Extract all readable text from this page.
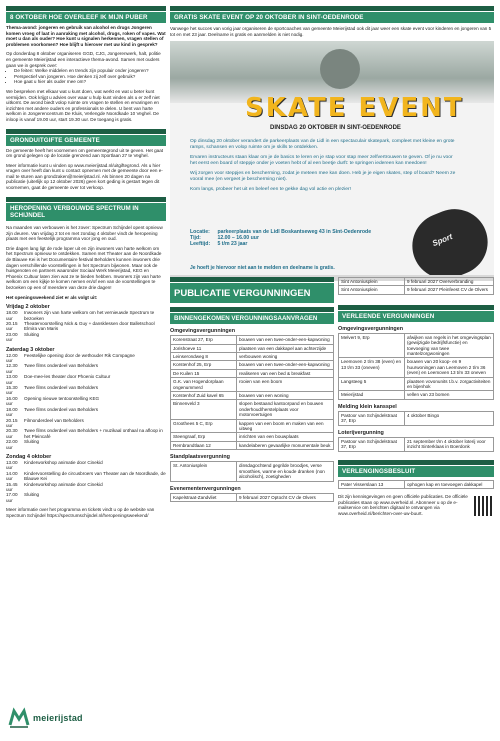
8 OKTOBER HOE OVERLEEF IK MIJN PUBER

Thema-avond: jongeren en gebruik van alcohol en drugs Jongeren komen vroeg of laat in aanraking met alcohol, drugs, roken of vapes. Wat moet u dan als ouder? Hoe kunt u signalen herkennen, vragen stellen of problemen voorkomen? Hoe blijft u hierover met uw kind in gesprek?

Op donderdag 8 oktober organiseren GGD, CJG, Jongerenwerk, halt, politie en gemeente Meierijstad een interactieve thema-avond. Samen met ouders gaan we in gesprek over:

• De feiten: Welke middelen en trends zijn populair onder jongeren?
• Perspectief van jongeren. Hoe denken zij zelf over gebruik?
• Hoe gaat u hier als ouder mee om?

We bespreken met elkaar wat u kunt doen, wat werkt en wat u beter kunt vermijden. Ook krijgt u advies over waar u hulp kunt vinden als u er zelf niet uitkomt. De avond biedt volop ruimte om vragen te stellen en ervaringen en inzichten met andere ouders en professionals te delen. U bent van harte welkom in Jongerencentrum De Kluis, Verlengde Noordkade 10 Veghel. De inloop is vanaf 19.00 uur, start 19.30 uur. De toegang is gratis.

GRONDUITGIFTE GEMEENTE

De gemeente heeft het voornemen om gemeentegrond uit te geven. Het gaat om grond gelegen op de locatie grenzend aan Sportlaan 27 te Veghel.

Meer informatie kunt u vinden op www.meierijstad.nl/uitgiftegrond. Als u hier vragen over heeft dan kunt u contact opnemen met de gemeente door een e-mail te sturen aan grondzaken@meierijstad.nl. Als binnen 20 dagen na publicatie (uiterlijk op 12 oktober 2026) geen kort geding is gestart tegen dit voornemen, gaat de gemeente over tot verkoop.

HEROPENING VERBOUWDE SPECTRUM IN SCHIJNDEL

Na maanden van verbouwen is het zover: Spectrum Schijndel opent opnieuw zijn deuren. Van vrijdag 2 tot en met zondag 4 oktober vindt de heropening plaats met een feestelijk programma voor jong en oud.

Drie dagen lang ligt de rode loper uit en zijn inwoners van harte welkom om het Spectrum opnieuw te ontdekken. Samen met Theater aan de Noordkade de Blauwe Kei is het Documentaire festival Beholders kunnen inwoners drie dagen verschillende voorstellingen in het Spectrum bijwonen. Maar ook de huisgenoten en partners waaronder Sociaal Werk Meierijstad, KEG en Phoenix Cultuur laten zien wat ze te bieden hebben. Inwoners zijn van harte welkom om een kijkje te komen nemen en/of een van de voorstellingen te bezoeken op een of meerdere van deze drie dagen!

Het openingsweekend ziet er als volgt uit:

Vrijdag 2 oktober
18.00 uur
Inwoners zijn van harte welkom om het vernieuwde Spectrum te bezoeken
20.15 uur
Theatervoorstelling Nick & Guy + dansklessen door Balletschool Elmira van Maris
23.00 uur
Sluiting
Zaterdag 3 oktober
12.00 uur
Feestelijke opening door de wethouder Rik Compagne
12.30 uur
Twee films onderdeel van Beholders
13.00 uur
Doe-mee-les theater door Phoenix Cultuur
15.30 uur
Twee films onderdeel van Beholders
16.00 uur
Opening nieuwe tentoonstelling KEG
18.00 uur
Twee films onderdeel van Beholders
20.15 uur
Filmonderdeel van Beholders
20.30 uur
Twee films onderdeel van Beholders + muzikaal onthaal na afloop in het Pleincafé
22.00 uur
Sluiting
Zondag 4 oktober
13.00 uur
Kinderworkshop animatie door Cinekid
14.00 uur
Kindervoorstelling de circusbroers van Theater aan de Noordkade, de Blauwe Kei
15.45 uur
Kinderworkshop animatie door Cinekid
17.00 uur
Sluiting

Meer informatie over het programma en tickets vindt u op de website van Spectrum Schijndel https://spectrumschijndel.nl/heropeningsweekend/

meierijstad
GRATIS SKATE EVENT OP 20 OKTOBER IN SINT-OEDENRODE

Vanwege het succes van vorig jaar organiseren de sportcoaches van gemeente Meierijstad ook dit jaar weer een skate event voor kinderen en jongeren van 5 tot en met 23 jaar. Deelname is gratis en aanmelden is niet nodig.

SKATE EVENT
DINSDAG 20 OKTOBER IN SINT-OEDENRODE

Op dinsdag 20 oktober verandert de parkeerplaats van de Lidl in een spectaculair skatepark, compleet met kleine en grote ramps, schansen en volop ruimte om je skills te ontdekken.

Ervaren instructeurs staan klaar om je de basics te leren en je stap voor stap meer zelfvertrouwen te geven. Of je nu voor het eerst een board of steppje onder je voeten hebt of al een beetje durft: te springen iedereen kan meedoen!

Wij zorgen voor steppjes en bescherming, zodat je meteen mee kan doen. Heb je je eigen skates, step of board? Neem ze vooral mee (en vergeet je bescherming niet).

Kom langs, probeer het uit en beleef een te gekke dag vol actie en plezier!

Locatie: parkeerplaats van de Lidl Boskantseweg 43 in Sint-Oedenrode
Tijd:	12.00 – 16.00 uur
Leeftijd: 5 t/m 23 jaar
Je hoeft je hiervoor niet aan te melden en deelname is gratis.
Sport
PUBLICATIE VERGUNNINGEN
BINNENGEKOMEN VERGUNNINGSAANVRAGEN
Omgevingsvergunningen
Korenstraat 27, Erp	bouwen van een twee-onder-een-kapwoning
Jorishoeve 11	plaatsen van een dakkapel aan achterzijde
Leinserondweg 8	verbouwen woning
Korstenhof 25, Erp	bouwen van een twee-onder-een-kapwoning
De Kuilen 15	realiseren van een bed & breakfast
G.K. van Hogendorplaan ongenummerd	rooien van een boom
Korstenhof Zuid kavel 65	bouwen van een woning
Binnenveld 3	slopen bestaand kantoorpand en bouwen onderhoud/herstelplaats voor motorvoertuigen
Groothees 5 C, Erp	kappen van een boom en maken van een uitweg
Steengraaf, Erp	inrichten van een bouwplaats
Rembrandtlaan 12	kandelaberen gevaarlijke monumentale beuk
Standplaatsvergunning
St. Antoniusplein	dinsdagochtend gegrilde broodjes, verse smoothies, warme en koude dranken (non alcoholisch), zoetigheden
Evenementenvergunningen
Kapelstraat-Zandvliet	9 februari 2027 Optocht CV de Olvers
Sint Antoniusplein	9 februari 2027 Oververbranding
Sint Antoniusplein	9 februari 2027 Pleinfeest CV de Olvers
VERLEENDE VERGUNNINGEN
Omgevingsvergunningen
Melvert 9, Erp	afwijken van regels in het omgevingsplan (gewijzigde bedrijfsfunctie) en toevoeging van twee mantelzorgwoningen
Leemoven 2 t/m 38 (even) en 13 t/m 33 (oneven)	bouwen van 20 koop- en 9 huurwoningen aan Leemoven 2 t/m 36 (even) en Leemoven 13 t/m 33 oneven
Langsteeg 5	plaatsen vovonunits t.b.v. zorgactiviteiten en bijenhok
Meierijstad	vellen van 23 bomen
Melding klein kansspel
Pastoor van Schijndelstraat 37, Erp	4 oktober Bingo
Loterijvergunning
Pastoor van Schijndelstraat 37, Erp	21 september t/m 4 oktober loterij voor inzicht Sinterklaas in Boerdonk
VERLENGINGSBESLUIT
Pater Visserslaan 13	ophogen kap en toevoegen dakkapel
Dit zijn kennisgevingen en geen officiële publicaties. De officiële publicaties staan op www.overheid.nl. Abonneer u op de e-mailservice om berichten digitaal te ontvangen via www.overheid.nl/berichten-over-uw-buurt.
